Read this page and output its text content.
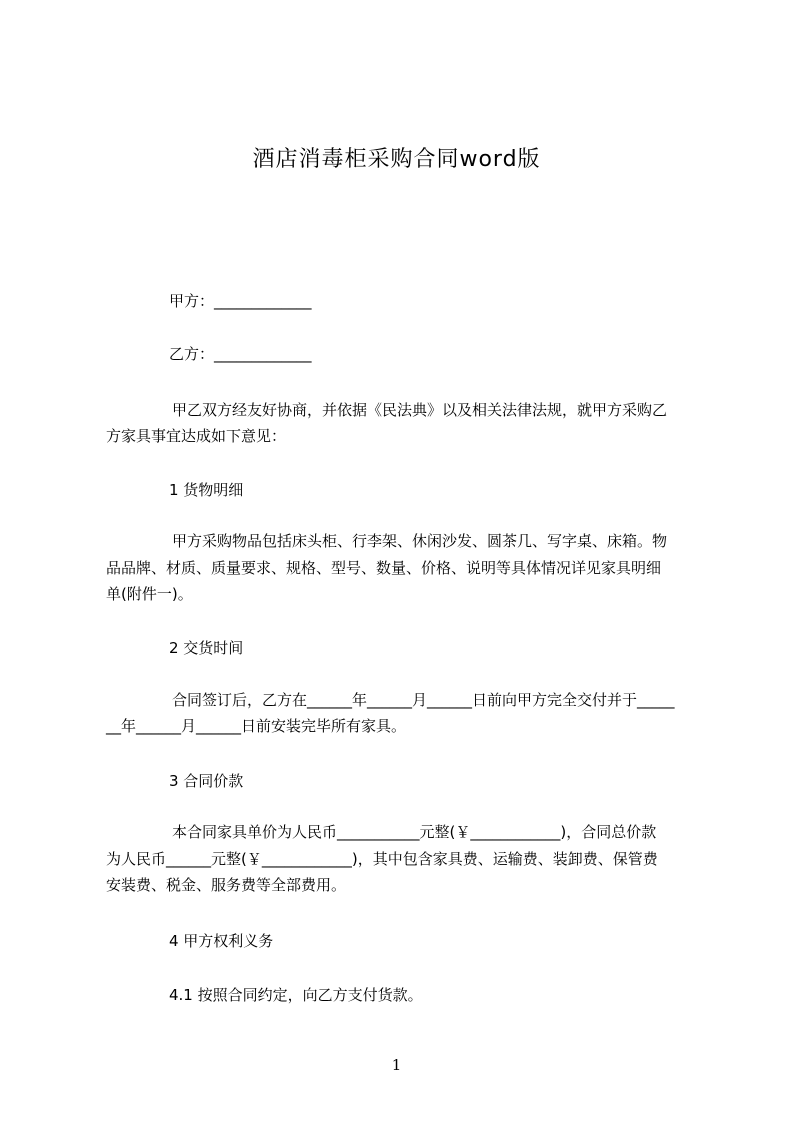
酒店消毒柜采购合同word版
甲方：_____________
乙方：_____________
甲乙双方经友好协商，并依据《民法典》以及相关法律法规，就甲方采购乙
方家具事宜达成如下意见：
1 货物明细
甲方采购物品包括床头柜、行李架、休闲沙发、圆茶几、写字桌、床箱。物
品品牌、材质、质量要求、规格、型号、数量、价格、说明等具体情况详见家具明细
单(附件一)。
2 交货时间
合同签订后，乙方在______年______月______日前向甲方完全交付并于_____
__年______月______日前安装完毕所有家具。
3 合同价款
本合同家具单价为人民币___________元整(￥____________)，合同总价款
为人民币______元整(￥____________)，其中包含家具费、运输费、装卸费、保管费
安装费、税金、服务费等全部费用。
4 甲方权利义务
4.1 按照合同约定，向乙方支付货款。
1
